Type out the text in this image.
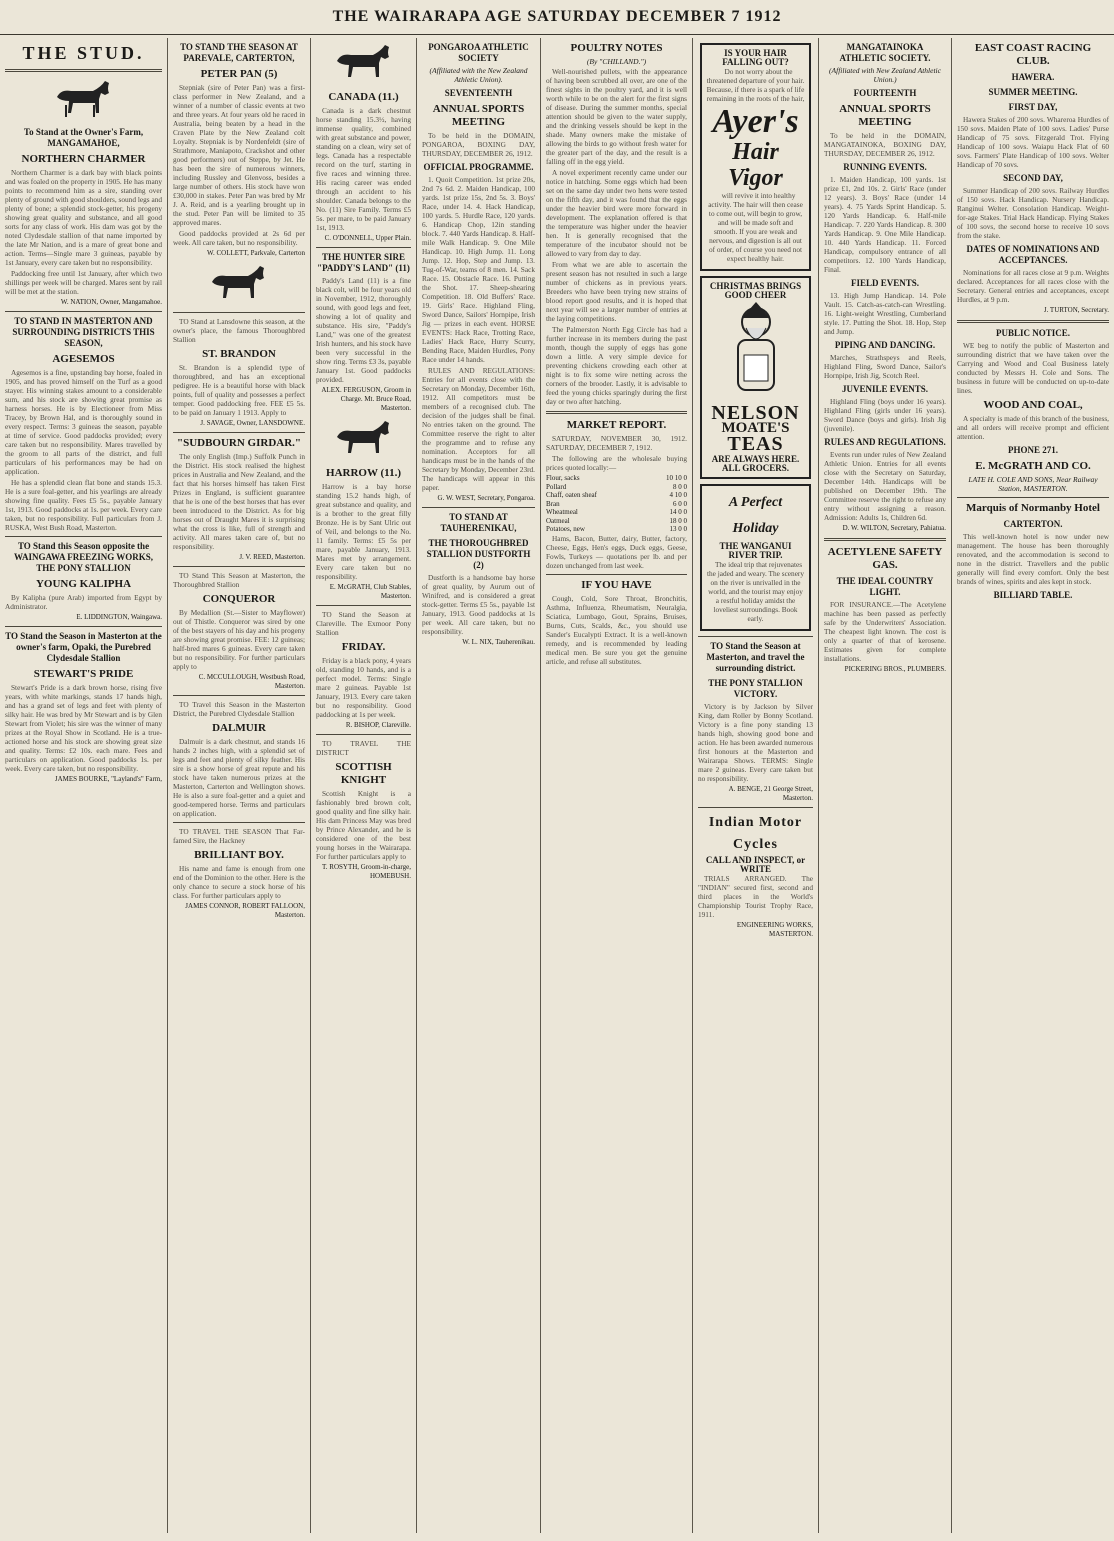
THE WAIRARAPA AGE SATURDAY DECEMBER 7 1912
THE STUD.
To Stand at the Owner's Farm, MANGAMAHOE,
NORTHERN CHARMER

Northern Charmer is a dark bay with black points and was foaled on the property in 1905. He has many points to recommend him as a sire, standing over plenty of ground with good shoulders, sound legs and plenty of bone; a splendid stock-getter, his progeny showing great quality and substance, and all good sorts for any class of work. His dam was got by the noted Clydesdale stallion of that name imported by the late Mr Nation, and is a mare of great bone and action. Terms—Single mare 3 guineas, payable by 1st January, every care taken but no responsibility.

Paddocking free until 1st January, after which two shillings per week will be charged. Mares sent by rail will be met at the station.

W. NATION, Owner, Mangamahoe.
TO STAND IN MASTERTON AND SURROUNDING DISTRICTS THIS SEASON,
AGESEMOS

Agesemos is a fine, upstanding bay horse, foaled in 1905, and has proved himself on the Turf as a good stayer. His winning stakes amount to a considerable sum, and his stock are showing great promise as harness horses. He is by Electioneer from Miss Tracey, by Brown Hal, and is thoroughly sound in every respect. Terms: 3 guineas the season, payable at time of service. Good paddocks provided; every care taken but no responsibility. Mares travelled by the groom to all parts of the district, and full particulars of his performances may be had on application.

He has a splendid clean flat bone and stands 15.3. He is a sure foal-getter, and his yearlings are already showing fine quality. Fees £5 5s., payable January 1st, 1913. Good paddocks at 1s. per week. Every care taken, but no responsibility. Full particulars from J. RUSKA, West Bush Road, Masterton.

TO Stand this Season opposite the WAINGAWA FREEZING WORKS, THE PONY STALLION
YOUNG KALIPHA

By Kalipha (pure Arab) imported from Egypt by Administrator.

E. LIDDINGTON, Waingawa.
TO Stand the Season in Masterton at the owner's farm, Opaki, the Purebred Clydesdale Stallion
STEWART'S PRIDE

Stewart's Pride is a dark brown horse, rising five years, with white markings, stands 17 hands high, and has a grand set of legs and feet with plenty of silky hair. He was bred by Mr Stewart and is by Glen Stewart from Violet; his sire was the winner of many prizes at the Royal Show in Scotland. He is a true-actioned horse and his stock are showing great size and quality. Terms: £2 10s. each mare. Fees and particulars on application. Good paddocks 1s. per week. Every care taken, but no responsibility.

JAMES BOURKE, "Layland's" Farm,
TO STAND THE SEASON AT PAREVALE, CARTERTON,
PETER PAN (5)

Stepniak (sire of Peter Pan) was a first-class performer in New Zealand, and a winner of a number of classic events at two and three years. At four years old he raced in Australia, being beaten by a head in the Craven Plate by the New Zealand colt Loyalty. Stepniak is by Nordenfeldt (sire of Strathmore, Maniapoto, Crackshot and other good performers) out of Steppe, by Jet. He has been the sire of numerous winners, including Russley and Glenvoss, besides a large number of others. His stock have won £30,000 in stakes. Peter Pan was bred by Mr J. A. Reid, and is a yearling brought up in the stud. Peter Pan will be limited to 35 approved mares.

Good paddocks provided at 2s 6d per week. All care taken, but no responsibility.

W. COLLETT, Parkvale, Carterton

TO Stand at Lansdowne this season, at the owner's place, the famous Thoroughbred Stallion

ST. BRANDON

St. Brandon is a splendid type of thoroughbred, and has an exceptional pedigree. He is a beautiful horse with black points, full of quality and possesses a perfect temper. Good paddocking free. FEE £5 5s. to be paid on January 1 1913. Apply to

J. SAVAGE, Owner, LANSDOWNE.
"SUDBOURN GIRDAR."

The only English (Imp.) Suffolk Punch in the District. His stock realised the highest prices in Australia and New Zealand, and the fact that his horses himself has taken First Prizes in England, is sufficient guarantee that he is one of the best horses that has ever been introduced to the District. As for big horses out of Draught Mares it is surprising what the cross is like, full of strength and activity. All mares taken care of, but no responsibility.

J. V. REED, Masterton.

TO Stand This Season at Masterton, the Thoroughbred Stallion

CONQUEROR

By Medallion (St.—Sister to Mayflower) out of Thistle. Conqueror was sired by one of the best stayers of his day and his progeny are showing great promise. FEE: 12 guineas; half-bred mares 6 guineas. Every care taken but no responsibility. For further particulars apply to

C. MCCULLOUGH, Westbush Road, Masterton.

TO Travel this Season in the Masterton District, the Purebred Clydesdale Stallion

DALMUIR

Dalmuir is a dark chestnut, and stands 16 hands 2 inches high, with a splendid set of legs and feet and plenty of silky feather. His sire is a show horse of great repute and his stock have taken numerous prizes at the Masterton, Carterton and Wellington shows. He is also a sure foal-getter and a quiet and good-tempered horse. Terms and particulars on application.

TO TRAVEL THE SEASON That Far-famed Sire, the Hackney

BRILLIANT BOY.

His name and fame is enough from one end of the Dominion to the other. Here is the only chance to secure a stock horse of his class. For further particulars apply to

JAMES CONNOR, ROBERT FALLOON, Masterton.
CANADA (11.)

Canada is a dark chestnut horse standing 15.3½, having immense quality, combined with great substance and power, standing on a clean, wiry set of legs. Canada has a respectable record on the turf, starting in five races and winning three. His racing career was ended through an accident to his shoulder. Canada belongs to the No. (11) Sire Family. Terms £5 5s. per mare, to be paid January 1st, 1913.

C. O'DONNELL, Upper Plain.
THE HUNTER SIRE "PADDY'S LAND" (11)

Paddy's Land (11) is a fine black colt, will be four years old in November, 1912, thoroughly sound, with good legs and feet, showing a lot of quality and substance. His sire, "Paddy's Land," was one of the greatest Irish hunters, and his stock have been very successful in the show ring. Terms £3 3s, payable January 1st. Good paddocks provided.

ALEX. FERGUSON, Groom in Charge. Mt. Bruce Road, Masterton.
HARROW (11.)

Harrow is a bay horse standing 15.2 hands high, of great substance and quality, and is a brother to the great filly Bronze. He is by Sant Ulric out of Veil, and belongs to the No. 11 family. Terms: £5 5s per mare, payable January, 1913. Mares met by arrangement. Every care taken but no responsibility.

E. McGRATH, Club Stables, Masterton.

TO Stand the Season at Clareville. The Exmoor Pony Stallion

FRIDAY.

Friday is a black pony, 4 years old, standing 10 hands, and is a perfect model. Terms: Single mare 2 guineas. Payable 1st January, 1913. Every care taken but no responsibility. Good paddocking at 1s per week.

R. BISHOP, Clareville.

TO TRAVEL THE DISTRICT

SCOTTISH KNIGHT

Scottish Knight is a fashionably bred brown colt, good quality and fine silky hair. His dam Princess May was bred by Prince Alexander, and he is considered one of the best young horses in the Wairarapa. For further particulars apply to

T. ROSYTH, Groom-in-charge, HOMEBUSH.
PONGAROA ATHLETIC SOCIETY
(Affiliated with the New Zealand Athletic Union).
SEVENTEENTH
ANNUAL SPORTS MEETING

To be held in the DOMAIN, PONGAROA, BOXING DAY, THURSDAY, DECEMBER 26, 1912.

OFFICIAL PROGRAMME.

1. Quoit Competition. 1st prize 20s, 2nd 7s 6d. 2. Maiden Handicap, 100 yards. 1st prize 15s, 2nd 5s. 3. Boys' Race, under 14. 4. Hack Handicap, 100 yards. 5. Hurdle Race, 120 yards. 6. Handicap Chop, 12in standing block. 7. 440 Yards Handicap. 8. Half-mile Walk Handicap. 9. One Mile Handicap. 10. High Jump. 11. Long Jump. 12. Hop, Step and Jump. 13. Tug-of-War, teams of 8 men. 14. Sack Race. 15. Obstacle Race. 16. Putting the Shot. 17. Sheep-shearing Competition. 18. Old Buffers' Race. 19. Girls' Race. Highland Fling, Sword Dance, Sailors' Hornpipe, Irish Jig — prizes in each event. HORSE EVENTS: Hack Race, Trotting Race, Ladies' Hack Race, Hurry Scurry, Bending Race, Maiden Hurdles, Pony Race under 14 hands.

RULES AND REGULATIONS: Entries for all events close with the Secretary on Monday, December 16th, 1912. All competitors must be members of a recognised club. The decision of the judges shall be final. No entries taken on the ground. The Committee reserve the right to alter the programme and to refuse any nomination. Acceptors for all handicaps must be in the hands of the Secretary by Monday, December 23rd. The handicaps will appear in this paper.

G. W. WEST, Secretary, Pongaroa.
TO STAND AT TAUHERENIKAU,
THE THOROUGHBRED STALLION DUSTFORTH (2)

Dustforth is a handsome bay horse of great quality, by Aurum out of Winifred, and is considered a great stock-getter. Terms £5 5s., payable 1st January, 1913. Good paddocks at 1s per week. All care taken, but no responsibility.

W. L. NIX, Tauherenikau.
POULTRY NOTES
(By "CHILLAND.")

Well-nourished pullets, with the appearance of having been scrubbed all over, are one of the finest sights in the poultry yard, and it is well worth while to be on the alert for the first signs of disease. During the summer months, special attention should be given to the water supply, and the drinking vessels should be kept in the shade. Many owners make the mistake of allowing the birds to go without fresh water for the greater part of the day, and the result is a falling off in the egg yield.

A novel experiment recently came under our notice in hatching. Some eggs which had been set on the same day under two hens were tested on the fifth day, and it was found that the eggs under the heavier bird were more forward in development. The explanation offered is that the temperature was higher under the heavier hen. It is generally recognised that the temperature of the incubator should not be allowed to vary from day to day.

From what we are able to ascertain the present season has not resulted in such a large number of chickens as in previous years. Breeders who have been trying new strains of blood report good results, and it is hoped that next year will see a larger number of entries at the laying competitions.

The Palmerston North Egg Circle has had a further increase in its members during the past month, though the supply of eggs has gone down a little. A very simple device for preventing chickens crowding each other at night is to fix some wire netting across the corners of the brooder. Lastly, it is advisable to feed the young chicks sparingly during the first day or two after hatching.

MARKET REPORT.

SATURDAY, NOVEMBER 30, 1912. SATURDAY, DECEMBER 7, 1912.

The following are the wholesale buying prices quoted locally:—

Flour, sacks	10 10 0
Pollard	8 0 0
Chaff, oaten sheaf	4 10 0
Bran	6 0 0
Wheatmeal	14 0 0
Oatmeal	18 0 0
Potatoes, new	13 0 0

Hams, Bacon, Butter, dairy, Butter, factory, Cheese, Eggs, Hen's eggs, Duck eggs, Geese, Fowls, Turkeys — quotations per lb. and per dozen unchanged from last week.

IF YOU HAVE

Cough, Cold, Sore Throat, Bronchitis, Asthma, Influenza, Rheumatism, Neuralgia, Sciatica, Lumbago, Gout, Sprains, Bruises, Burns, Cuts, Scalds, &c., you should use Sander's Eucalypti Extract. It is a well-known remedy, and is recommended by leading medical men. Be sure you get the genuine article, and refuse all substitutes.

IS YOUR HAIR FALLING OUT?

Do not worry about the threatened departure of your hair. Because, if there is a spark of life remaining in the roots of the hair,

Ayer's
Hair Vigor

will revive it into healthy activity. The hair will then cease to come out, will begin to grow, and will be made soft and smooth. If you are weak and nervous, and digestion is all out of order, of course you need not expect healthy hair.

CHRISTMAS BRINGS GOOD CHEER
NELSON
MOATE'S
TEAS
ARE ALWAYS HERE.
ALL GROCERS.
A Perfect Holiday
THE WANGANUI RIVER TRIP.

The ideal trip that rejuvenates the jaded and weary. The scenery on the river is unrivalled in the world, and the tourist may enjoy a restful holiday amidst the loveliest surroundings. Book early.

TO Stand the Season at Masterton, and travel the surrounding district.
THE PONY STALLION VICTORY.

Victory is by Jackson by Silver King, dam Roller by Bonny Scotland. Victory is a fine pony standing 13 hands high, showing good bone and action. He has been awarded numerous first honours at the Masterton and Wairarapa Shows. TERMS: Single mare 2 guineas. Every care taken but no responsibility.

A. BENGE, 21 George Street, Masterton.
Indian Motor Cycles
CALL AND INSPECT, or WRITE

TRIALS ARRANGED. The "INDIAN" secured first, second and third places in the World's Championship Tourist Trophy Race, 1911.

ENGINEERING WORKS, MASTERTON.
MANGATAINOKA ATHLETIC SOCIETY.
(Affiliated with New Zealand Athletic Union.)
FOURTEENTH
ANNUAL SPORTS MEETING

To be held in the DOMAIN, MANGATAINOKA, BOXING DAY, THURSDAY, DECEMBER 26, 1912.

RUNNING EVENTS.

1. Maiden Handicap, 100 yards. 1st prize £1, 2nd 10s. 2. Girls' Race (under 12 years). 3. Boys' Race (under 14 years). 4. 75 Yards Sprint Handicap. 5. 120 Yards Handicap. 6. Half-mile Handicap. 7. 220 Yards Handicap. 8. 300 Yards Handicap. 9. One Mile Handicap. 10. 440 Yards Handicap. 11. Forced Handicap, compulsory entrance of all competitors. 12. 100 Yards Handicap, Final.

FIELD EVENTS.

13. High Jump Handicap. 14. Pole Vault. 15. Catch-as-catch-can Wrestling. 16. Light-weight Wrestling, Cumberland style. 17. Putting the Shot. 18. Hop, Step and Jump.

PIPING AND DANCING.

Marches, Strathspeys and Reels, Highland Fling, Sword Dance, Sailor's Hornpipe, Irish Jig, Scotch Reel.

JUVENILE EVENTS.

Highland Fling (boys under 16 years). Highland Fling (girls under 16 years). Sword Dance (boys and girls). Irish Jig (juvenile).

RULES AND REGULATIONS.

Events run under rules of New Zealand Athletic Union. Entries for all events close with the Secretary on Saturday, December 14th. Handicaps will be published on December 19th. The Committee reserve the right to refuse any entry without assigning a reason. Admission: Adults 1s, Children 6d.

D. W. WILTON, Secretary, Pahiatua.
ACETYLENE SAFETY GAS.
THE IDEAL COUNTRY LIGHT.

FOR INSURANCE.—The Acetylene machine has been passed as perfectly safe by the Underwriters' Association. The cheapest light known. The cost is only a quarter of that of kerosene. Estimates given for complete installations.

PICKERING BROS., PLUMBERS.
EAST COAST RACING CLUB.
HAWERA.
SUMMER MEETING.
FIRST DAY,

Hawera Stakes of 200 sovs. Whareroa Hurdles of 150 sovs. Maiden Plate of 100 sovs. Ladies' Purse Handicap of 75 sovs. Fitzgerald Trot. Flying Handicap of 100 sovs. Waiapu Hack Flat of 60 sovs. Farmers' Plate Handicap of 100 sovs. Welter Handicap of 70 sovs.

SECOND DAY,

Summer Handicap of 200 sovs. Railway Hurdles of 150 sovs. Hack Handicap. Nursery Handicap. Ranginui Welter. Consolation Handicap. Weight-for-age Stakes. Trial Hack Handicap. Flying Stakes of 100 sovs, the second horse to receive 10 sovs from the stake.

DATES OF NOMINATIONS AND ACCEPTANCES.

Nominations for all races close at 9 p.m. Weights declared. Acceptances for all races close with the Secretary. General entries and acceptances, except Hurdles, at 9 p.m.

J. TURTON, Secretary.
PUBLIC NOTICE.

WE beg to notify the public of Masterton and surrounding district that we have taken over the Carrying and Wood and Coal Business lately conducted by Messrs H. Cole and Sons. The business in future will be conducted on up-to-date lines.

WOOD AND COAL,

A specialty is made of this branch of the business, and all orders will receive prompt and efficient attention.

PHONE 271.
E. McGRATH AND CO.
LATE H. COLE AND SONS, Near Railway Station, MASTERTON.
Marquis of Normanby Hotel
CARTERTON.

This well-known hotel is now under new management. The house has been thoroughly renovated, and the accommodation is second to none in the district. Travellers and the public generally will find every comfort. Only the best brands of wines, spirits and ales kept in stock.

BILLIARD TABLE.
